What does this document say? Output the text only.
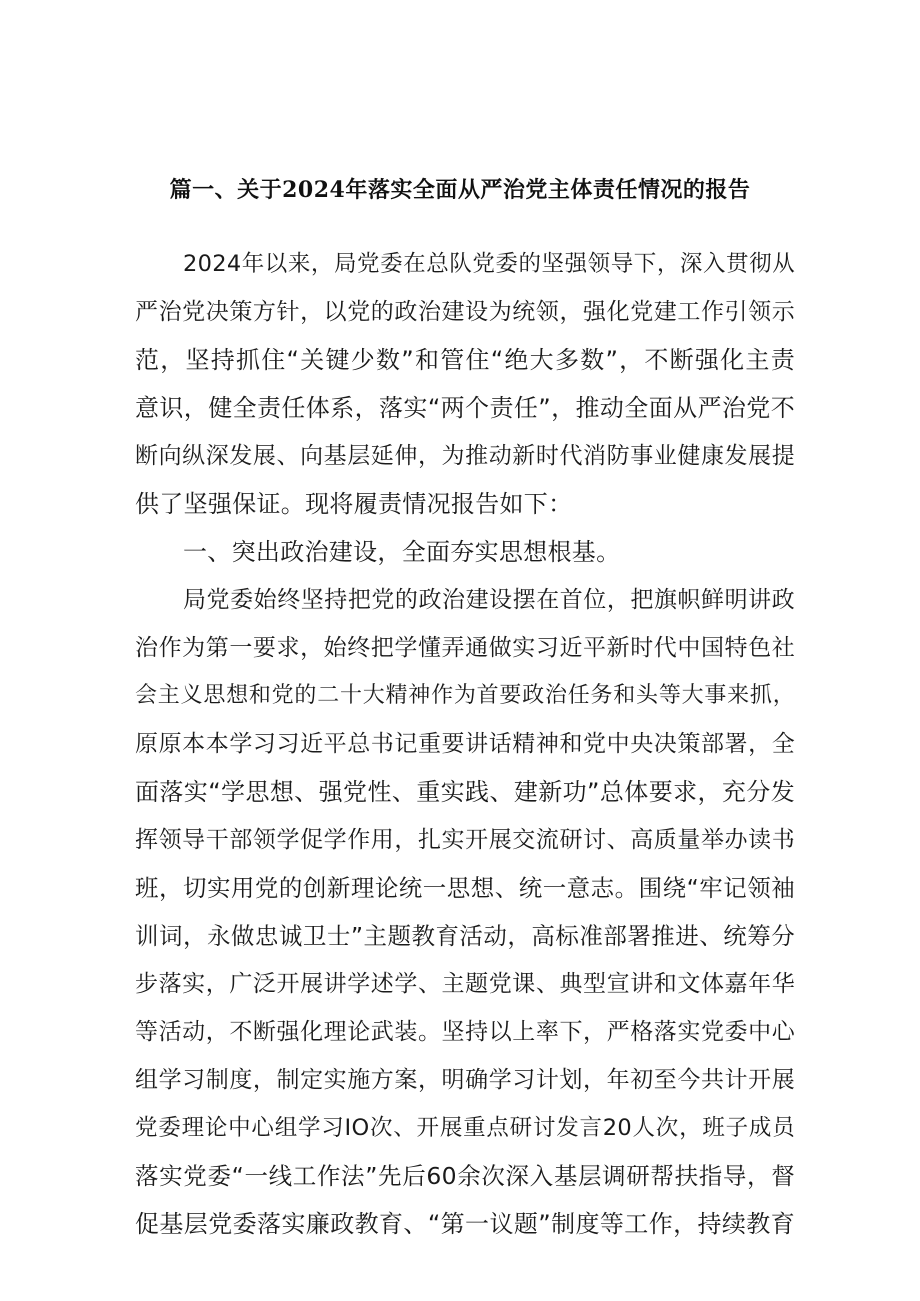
篇一、关于2024年落实全面从严治党主体责任情况的报告

2024年以来，局党委在总队党委的坚强领导下，深入贯彻从

严治党决策方针，以党的政治建设为统领，强化党建工作引领示

范，坚持抓住“关键少数”和管住“绝大多数”，不断强化主责

意识，健全责任体系，落实“两个责任”，推动全面从严治党不

断向纵深发展、向基层延伸，为推动新时代消防事业健康发展提

供了坚强保证。现将履责情况报告如下：

一、突出政治建设，全面夯实思想根基。

局党委始终坚持把党的政治建设摆在首位，把旗帜鲜明讲政

治作为第一要求，始终把学懂弄通做实习近平新时代中国特色社

会主义思想和党的二十大精神作为首要政治任务和头等大事来抓，

原原本本学习习近平总书记重要讲话精神和党中央决策部署，全

面落实“学思想、强党性、重实践、建新功”总体要求，充分发

挥领导干部领学促学作用，扎实开展交流研讨、高质量举办读书

班，切实用党的创新理论统一思想、统一意志。围绕“牢记领袖

训词，永做忠诚卫士”主题教育活动，高标准部署推进、统筹分

步落实，广泛开展讲学述学、主题党课、典型宣讲和文体嘉年华

等活动，不断强化理论武装。坚持以上率下，严格落实党委中心

组学习制度，制定实施方案，明确学习计划，年初至今共计开展

党委理论中心组学习IO次、开展重点研讨发言20人次，班子成员

落实党委“一线工作法”先后60余次深入基层调研帮扶指导，督

促基层党委落实廉政教育、“第一议题”制度等工作，持续教育
